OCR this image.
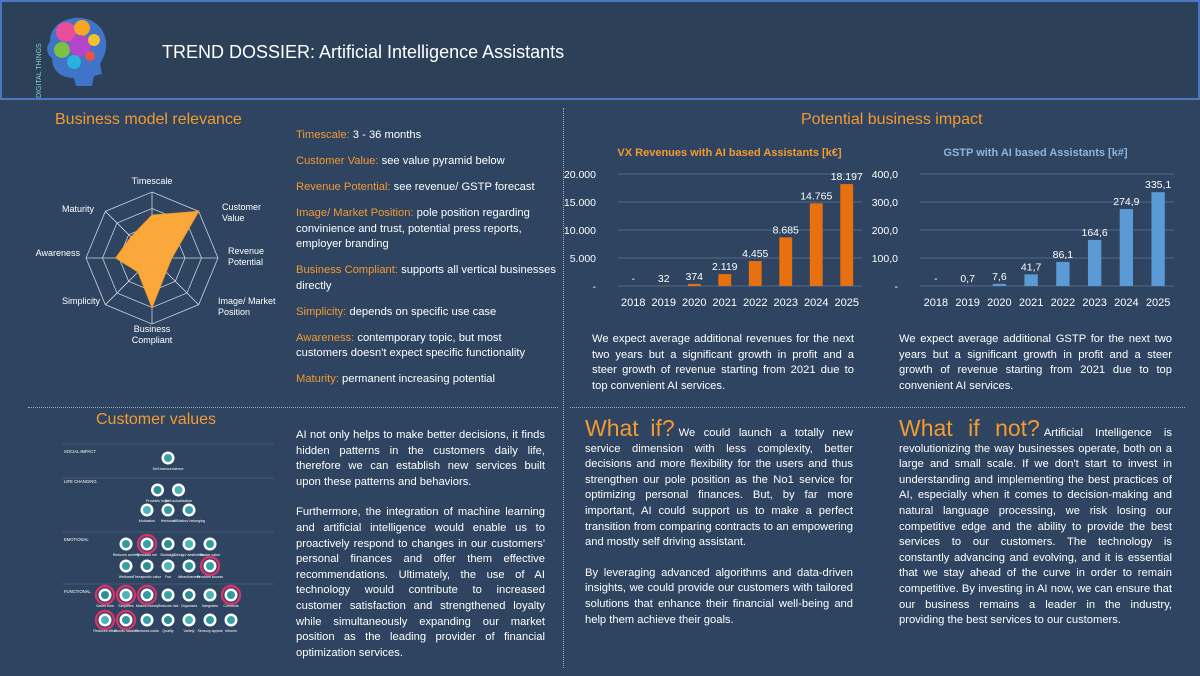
DIGITAL THINGS	TREND DOSSIER: Artificial Intelligence Assistants
Business model relevance
Timescale
Customer Value
Revenue Potential
Image/ Market Position
Business Compliant
Simplicity
Awareness
Maturity
Timescale: 3 - 36 months
Customer Value: see value pyramid below
Revenue Potential: see revenue/ GSTP forecast
Image/ Market Position: pole position regarding convinience and trust, potential press reports, employer branding
Business Compliant: supports all vertical businesses directly
Simplicity: depends on specific use case
Awareness: contemporary topic, but most customers doesn't expect specific functionality
Maturity: permanent increasing potential
Potential business impact
VX Revenues with AI based Assistants [k€]
-
5.000
10.000
15.000
20.000
-
2018
32
2019
374
2020
2.119
2021
4.455
2022
8.685
2023
14.765
2024
18.197
2025
GSTP with AI based Assistants [k#]
-
100,0
200,0
300,0
400,0
-
2018
0,7
2019
7,6
2020
41,7
2021
86,1
2022
164,6
2023
274,9
2024
335,1
2025

We expect average additional revenues for the next two years but a significant growth in profit and a steer growth of revenue starting from 2021 due to top convenient AI services.

We expect average additional GSTP for the next two years but a significant growth in profit and a steer growth of revenue starting from 2021 due to top convenient AI services.

Customer values
SOCIAL IMPACT
LIFE CHANGING
EMOTIONAL
FUNCTIONAL
Self-transcendence
Provides hope
Self-actualization
Motivation Heirloom
Affiliation/ belonging
Reduces anxiety
Rewards me Nostalgia
Design/ aesthetics
Badge value
Wellness Therapeutic value Fun Attractiveness
Provides access
Saves time Simplifies Makes money Reduces risk Organizes Integrates Connects
Reduces effort
Avoids hassles
Reduces costs Quality	Variety Sensory appeal Informs

AI not only helps to make better decisions, it finds hidden patterns in the customers daily life, therefore we can establish new services built upon these patterns and behaviors.

Furthermore, the integration of machine learning and artificial intelligence would enable us to proactively respond to changes in our customers' personal finances and offer them effective recommendations. Ultimately, the use of AI technology would contribute to increased customer satisfaction and strengthened loyalty while simultaneously expanding our market position as the leading provider of financial optimization services.

What if? We could launch a totally new service dimension with less complexity, better decisions and more flexibility for the users and thus strengthen our pole position as the No1 service for optimizing personal finances. But, by far more important, AI could support us to make a perfect transition from comparing contracts to an empowering and mostly self driving assistant.

By leveraging advanced algorithms and data-driven insights, we could provide our customers with tailored solutions that enhance their financial well-being and help them achieve their goals.

What if not? Artificial Intelligence is revolutionizing the way businesses operate, both on a large and small scale. If we don't start to invest in understanding and implementing the best practices of AI, especially when it comes to decision-making and natural language processing, we risk losing our competitive edge and the ability to provide the best services to our customers. The technology is constantly advancing and evolving, and it is essential that we stay ahead of the curve in order to remain competitive. By investing in AI now, we can ensure that our business remains a leader in the industry, providing the best services to our customers.
